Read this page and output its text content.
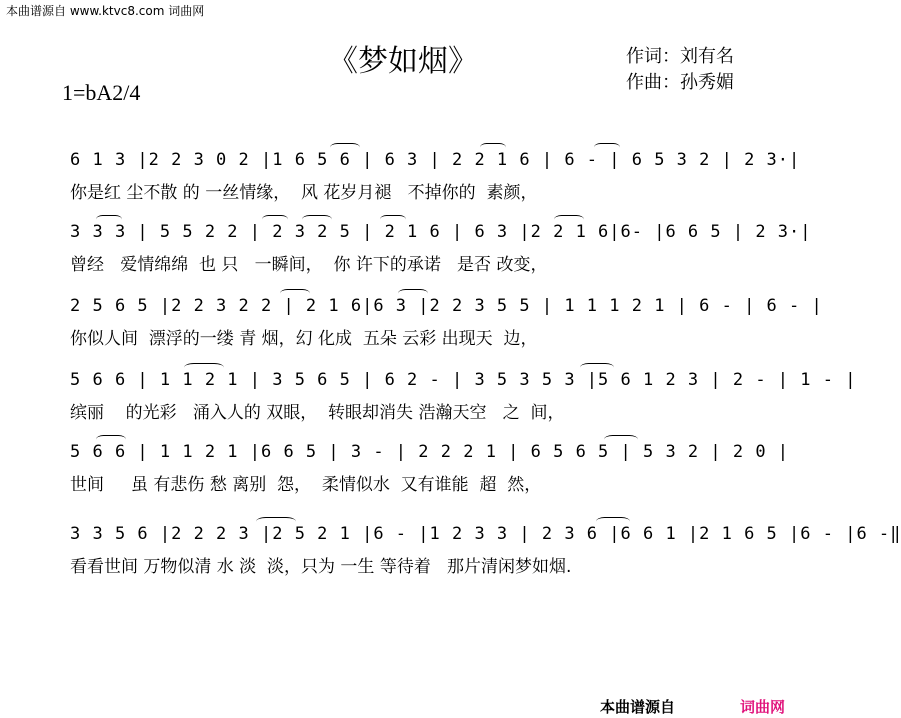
本曲谱源自 www.ktvc8.com 词曲网
《梦如烟》
1=bA2/4
作词：刘有名
作曲：孙秀媚
6 1 3 |2 2 3 0 2 |1 6 5 6 | 6 3 | 2 2 1 6 | 6 - | 6 5 3 2 | 2 3·|
你是红 尘不散 的 一丝情缘，  风 花岁月褪   不掉你的  素颜，
3 3 3 | 5 5 2 2 | 2 3 2 5 | 2 1 6 | 6 3 |2 2 1 6|6- |6 6 5 | 2 3·|
曾经   爱情绵绵  也 只   一瞬间，  你 许下的承诺   是否 改变，
2 5 6 5 |2 2 3 2 2 | 2 1 6|6 3 |2 2 3 5 5 | 1 1 1 2 1 | 6 - | 6 - |
你似人间  漂浮的一缕 青 烟，幻 化成  五朵 云彩 出现天  边，
5 6 6 | 1 1 2 1 | 3 5 6 5 | 6 2 - | 3 5 3 5 3 |5 6 1 2 3 | 2 - | 1 - |
缤丽    的光彩   涌入人的 双眼，  转眼却消失 浩瀚天空   之  间，
5 6 6 | 1 1 2 1 |6 6 5 | 3 - | 2 2 2 1 | 6 5 6 5 | 5 3 2 | 2 0 |
世间     虽 有悲伤 愁 离别  怨，  柔情似水  又有谁能  超  然，
3 3 5 6 |2 2 2 3 |2 5 2 1 |6 - |1 2 3 3 | 2 3 6 |6 6 1 |2 1 6 5 |6 - |6 -‖
看看世间 万物似清 水 淡  淡，只为 一生 等待着   那片清闲梦如烟.
本曲谱源自	词曲网
